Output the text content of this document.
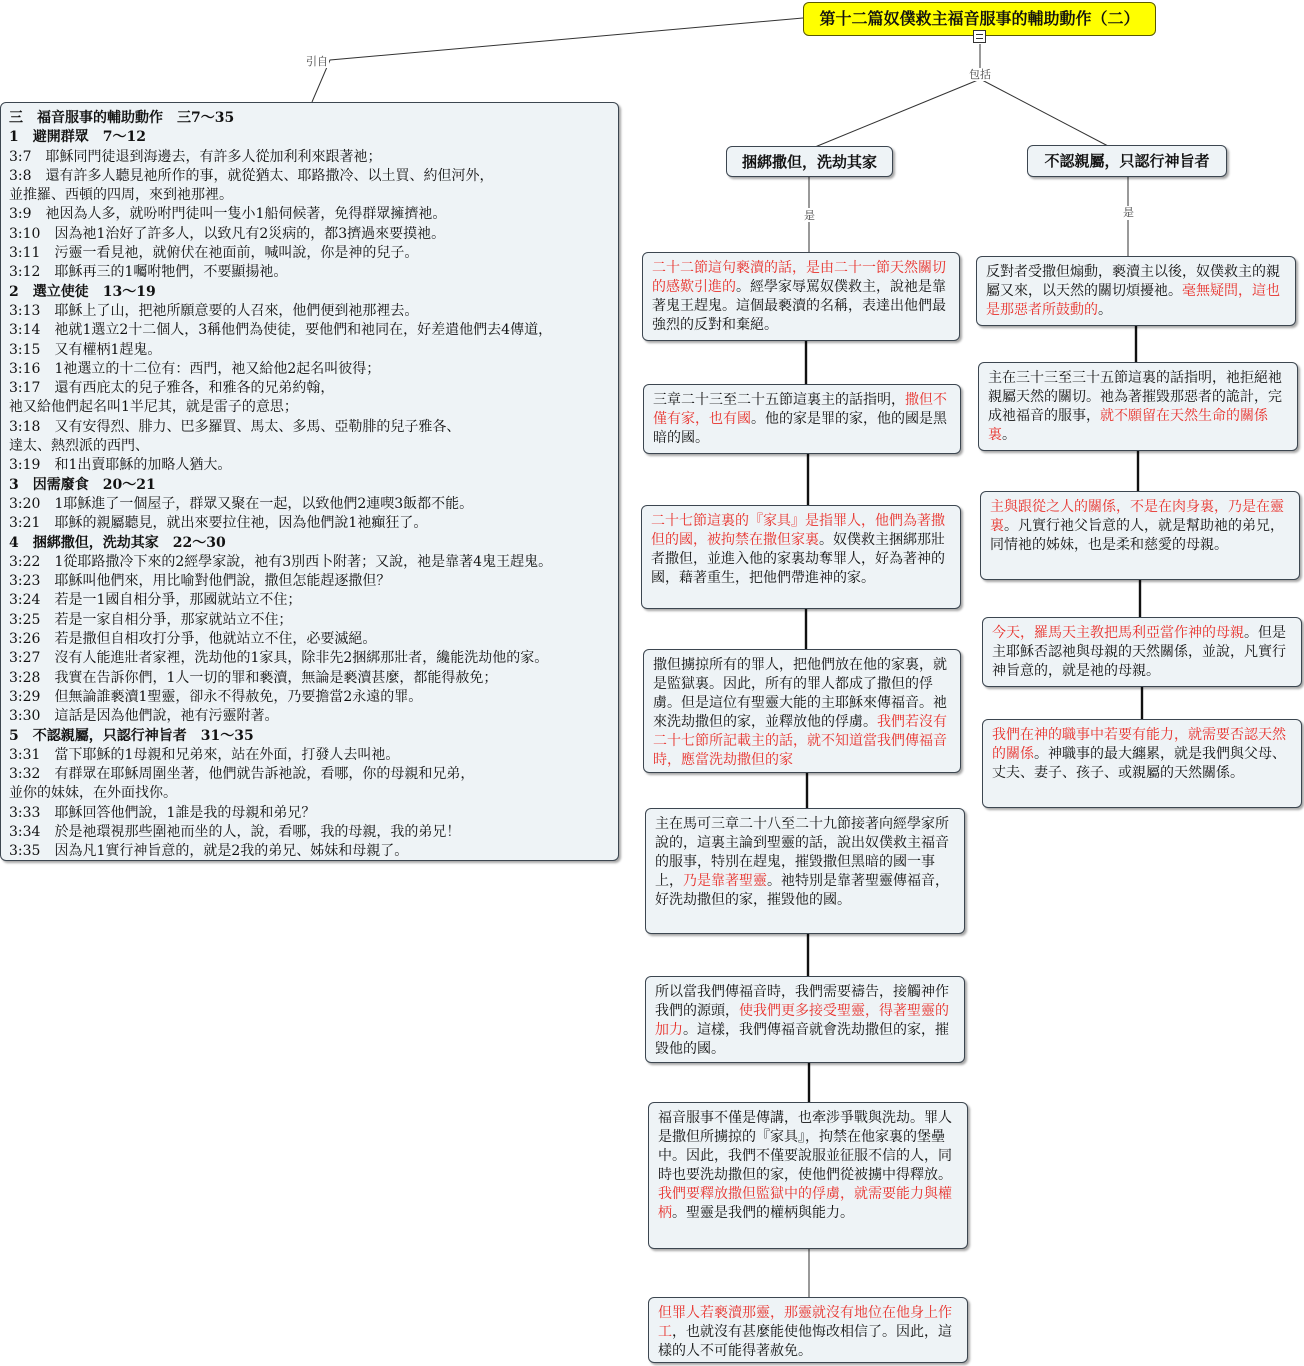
第十二篇奴僕救主福音服事的輔助動作（二）
引自
包括
是	是
三　福音服事的輔助動作　三7～35
1　避開群眾　7～12
3:7　耶穌同門徒退到海邊去，有許多人從加利利來跟著祂；
3:8　還有許多人聽見祂所作的事，就從猶太、耶路撒冷、以土買、約但河外，
並推羅、西頓的四周，來到祂那裡。
3:9　祂因為人多，就吩咐門徒叫一隻小1船伺候著，免得群眾擁擠祂。
3:10　因為祂1治好了許多人，以致凡有2災病的，都3擠過來要摸祂。
3:11　污靈一看見祂，就俯伏在祂面前，喊叫說，你是神的兒子。
3:12　耶穌再三的1囑咐牠們，不要顯揚祂。
2　選立使徒　13～19
3:13　耶穌上了山，把祂所願意要的人召來，他們便到祂那裡去。
3:14　祂就1選立2十二個人，3稱他們為使徒，要他們和祂同在，好差遣他們去4傳道，
3:15　又有權柄1趕鬼。
3:16　1祂選立的十二位有：西門，祂又給他2起名叫彼得；
3:17　還有西庇太的兒子雅各，和雅各的兄弟約翰，
祂又給他們起名叫1半尼其，就是雷子的意思；
3:18　又有安得烈、腓力、巴多羅買、馬太、多馬、亞勒腓的兒子雅各、
達太、熱烈派的西門、
3:19　和1出賣耶穌的加略人猶大。
3　因需廢食　20～21
3:20　1耶穌進了一個屋子，群眾又聚在一起，以致他們2連喫3飯都不能。
3:21　耶穌的親屬聽見，就出來要拉住祂，因為他們說1祂癲狂了。
4　捆綁撒但，洗劫其家　22～30
3:22　1從耶路撒冷下來的2經學家說，祂有3別西卜附著；又說，祂是靠著4鬼王趕鬼。
3:23　耶穌叫他們來，用比喻對他們說，撒但怎能趕逐撒但？
3:24　若是一1國自相分爭，那國就站立不住；
3:25　若是一家自相分爭，那家就站立不住；
3:26　若是撒但自相攻打分爭，他就站立不住，必要滅絕。
3:27　沒有人能進壯者家裡，洗劫他的1家具，除非先2捆綁那壯者，纔能洗劫他的家。
3:28　我實在告訴你們，1人一切的罪和褻瀆，無論是褻瀆甚麼，都能得赦免；
3:29　但無論誰褻瀆1聖靈，卻永不得赦免，乃要擔當2永遠的罪。
3:30　這話是因為他們說，祂有污靈附著。
5　不認親屬，只認行神旨者　31～35
3:31　當下耶穌的1母親和兄弟來，站在外面，打發人去叫祂。
3:32　有群眾在耶穌周圍坐著，他們就告訴祂說，看哪，你的母親和兄弟，
並你的妹妹，在外面找你。
3:33　耶穌回答他們說，1誰是我的母親和弟兄？
3:34　於是祂環視那些圍祂而坐的人，說，看哪，我的母親，我的弟兄！
3:35　因為凡1實行神旨意的，就是2我的弟兄、姊妹和母親了。
捆綁撒但，洗劫其家	不認親屬，只認行神旨者
二十二節這句褻瀆的話，是由二十一節天然關切的感歎引進的。經學家辱罵奴僕救主，說祂是靠著鬼王趕鬼。這個最褻瀆的名稱，表達出他們最強烈的反對和棄絕。
三章二十三至二十五節這裏主的話指明，撒但不僅有家，也有國。他的家是罪的家，他的國是黑暗的國。
二十七節這裏的『家具』是指罪人，他們為著撒但的國，被拘禁在撒但家裏。奴僕救主捆綁那壯者撒但，並進入他的家裏劫奪罪人，好為著神的國，藉著重生，把他們帶進神的家。
撒但擄掠所有的罪人，把他們放在他的家裏，就是監獄裏。因此，所有的罪人都成了撒但的俘虜。但是這位有聖靈大能的主耶穌來傳福音。祂來洗劫撒但的家，並釋放他的俘虜。我們若沒有二十七節所記載主的話，就不知道當我們傳福音時，應當洗劫撒但的家
主在馬可三章二十八至二十九節接著向經學家所說的，這裏主論到聖靈的話，說出奴僕救主福音的服事，特別在趕鬼，摧毀撒但黑暗的國一事上，乃是靠著聖靈。祂特別是靠著聖靈傳福音，好洗劫撒但的家，摧毀他的國。
所以當我們傳福音時，我們需要禱告，接觸神作我們的源頭，使我們更多接受聖靈，得著聖靈的加力。這樣，我們傳福音就會洗劫撒但的家，摧毀他的國。
福音服事不僅是傳講，也牽涉爭戰與洗劫。罪人是撒但所擄掠的『家具』，拘禁在他家裏的堡壘中。因此，我們不僅要說服並征服不信的人，同時也要洗劫撒但的家，使他們從被擄中得釋放。我們要釋放撒但監獄中的俘虜，就需要能力與權柄。聖靈是我們的權柄與能力。
但罪人若褻瀆那靈，那靈就沒有地位在他身上作工，也就沒有甚麼能使他悔改相信了。因此，這樣的人不可能得著赦免。
反對者受撒但煽動，褻瀆主以後，奴僕救主的親屬又來，以天然的關切煩擾祂。毫無疑問，這也是那惡者所鼓動的。
主在三十三至三十五節這裏的話指明，祂拒絕祂親屬天然的關切。祂為著摧毀那惡者的詭計，完成祂福音的服事，就不願留在天然生命的關係裏。
主與跟從之人的關係，不是在肉身裏，乃是在靈裏。凡實行祂父旨意的人，就是幫助祂的弟兄，同情祂的姊妹，也是柔和慈愛的母親。
今天，羅馬天主教把馬利亞當作神的母親。但是主耶穌否認祂與母親的天然關係，並說，凡實行神旨意的，就是祂的母親。
我們在神的職事中若要有能力，就需要否認天然的關係。神職事的最大纏累，就是我們與父母、丈夫、妻子、孩子、或親屬的天然關係。
